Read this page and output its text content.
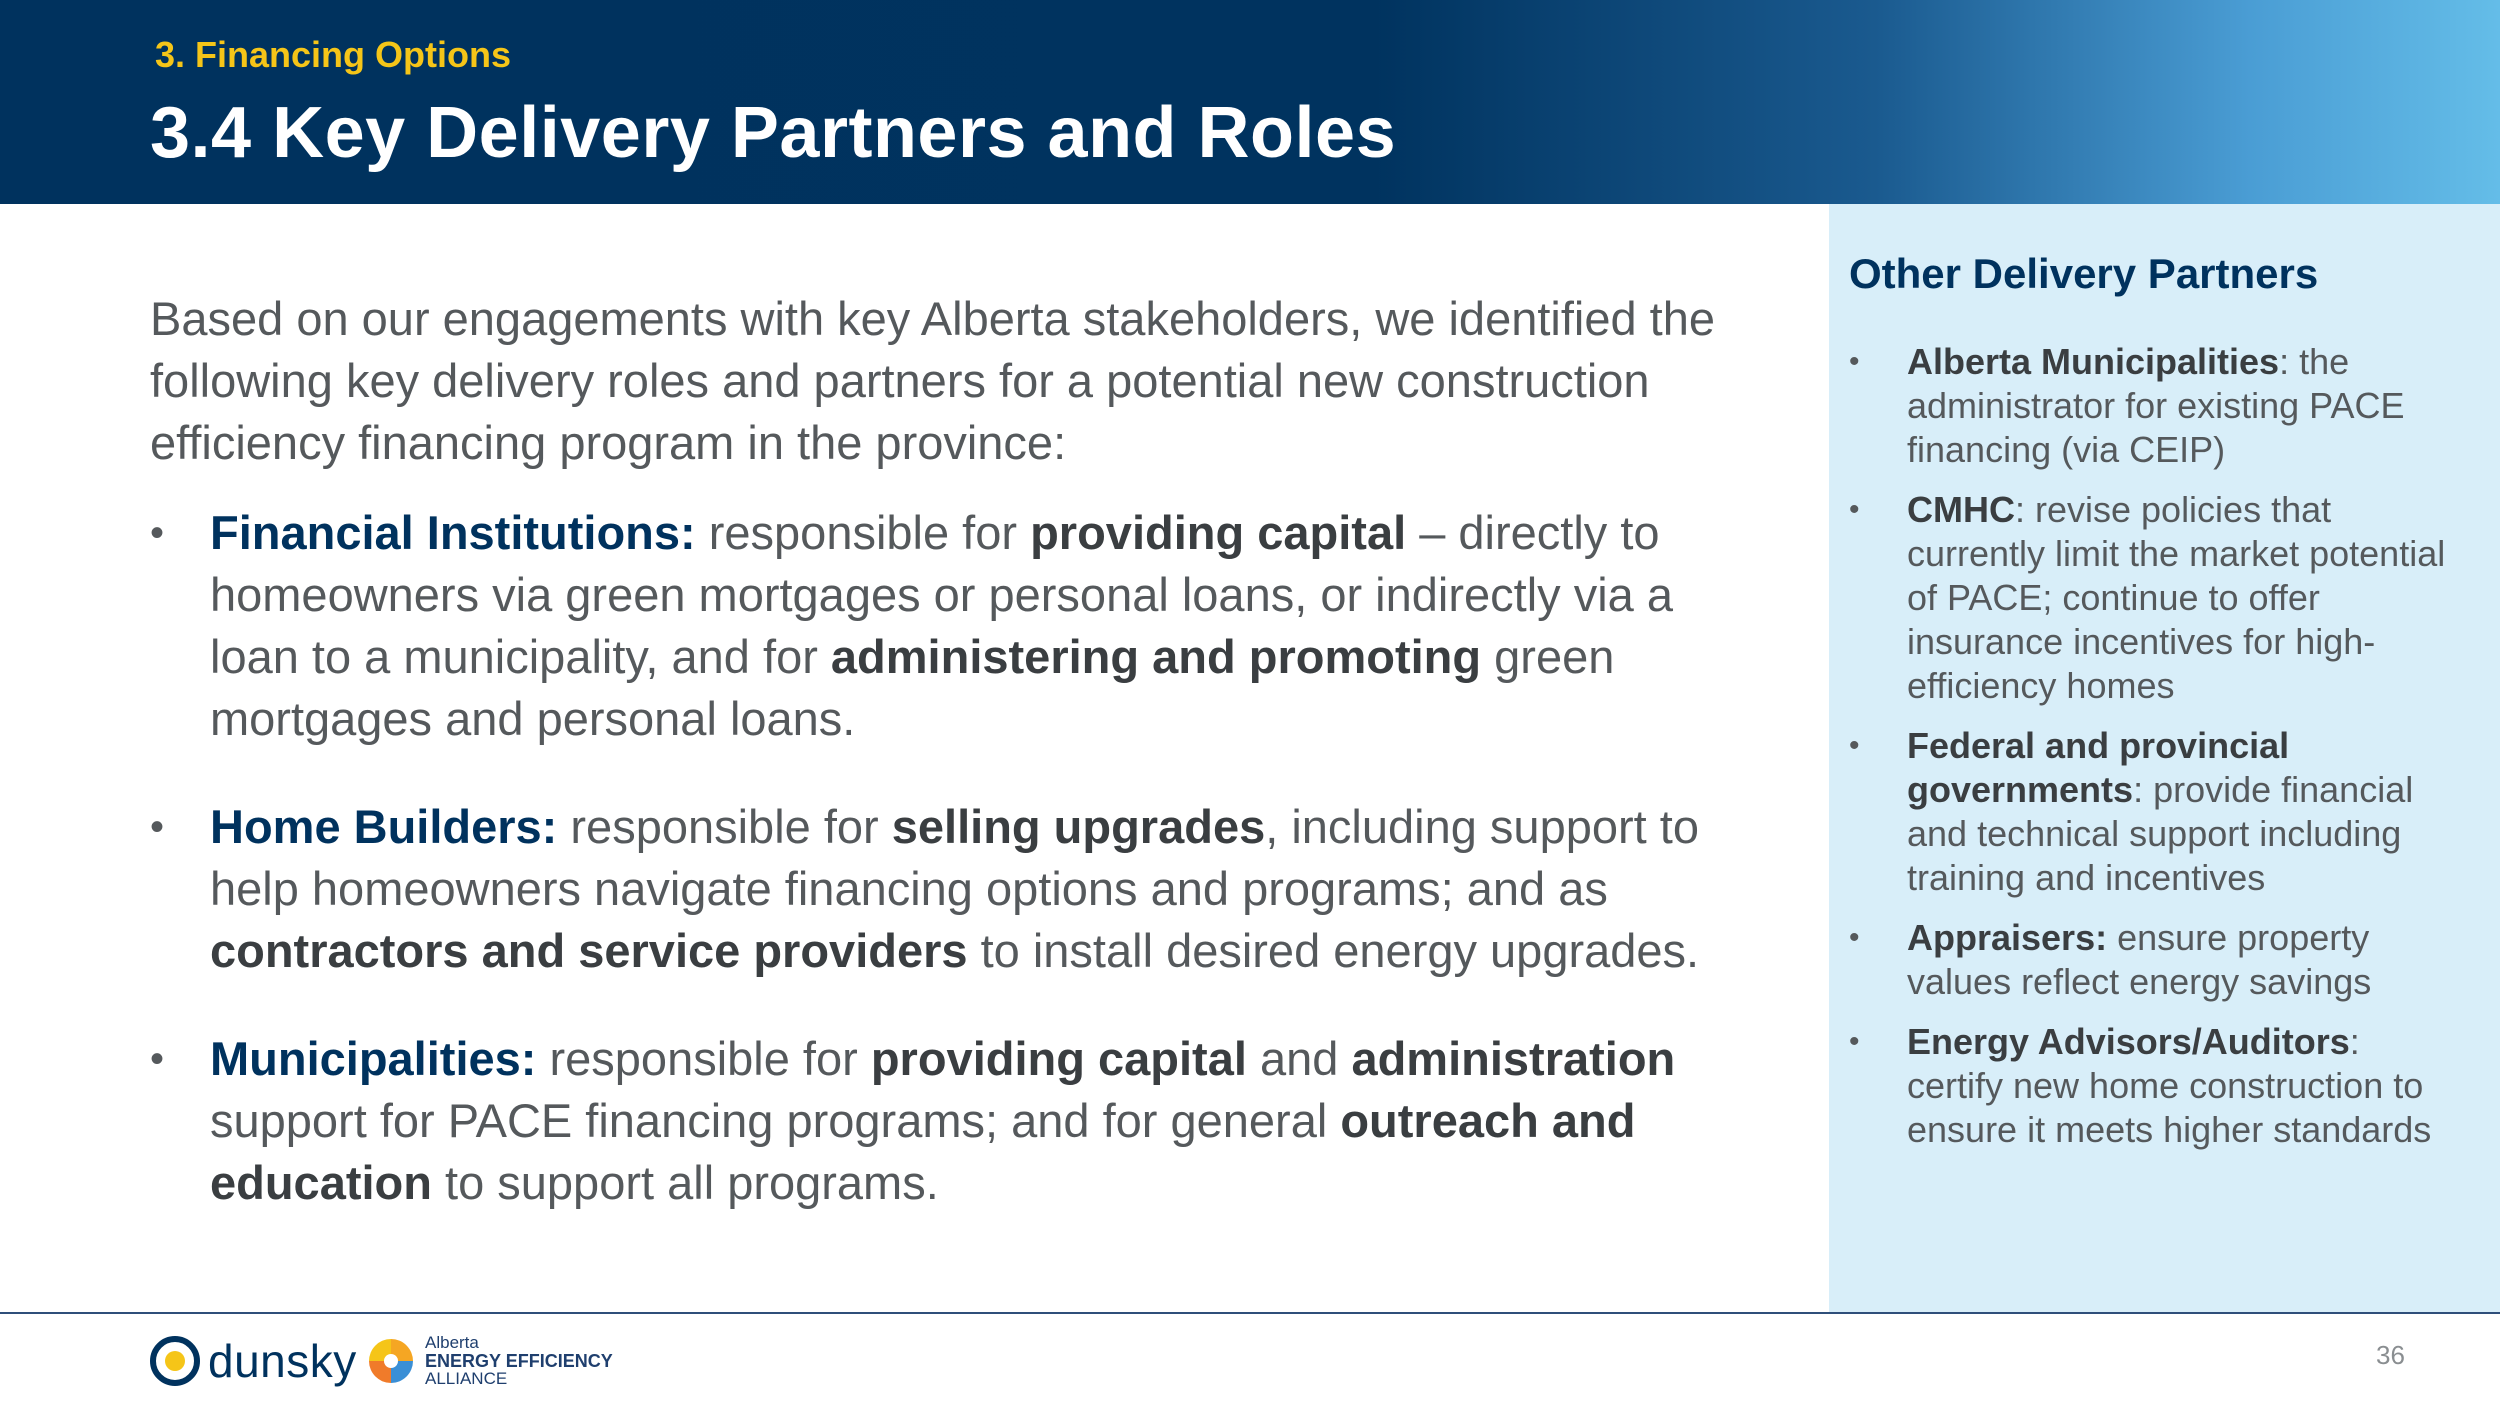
3. Financing Options
3.4 Key Delivery Partners and Roles
Based on our engagements with key Alberta stakeholders, we identified the following key delivery roles and partners for a potential new construction efficiency financing program in the province:
• Financial Institutions: responsible for providing capital – directly to homeowners via green mortgages or personal loans, or indirectly via a loan to a municipality, and for administering and promoting green mortgages and personal loans.
• Home Builders: responsible for selling upgrades, including support to help homeowners navigate financing options and programs; and as contractors and service providers to install desired energy upgrades.
• Municipalities: responsible for providing capital and administration support for PACE financing programs; and for general outreach and education to support all programs.
Other Delivery Partners
•	Alberta Municipalities: the administrator for existing PACE financing (via CEIP)
•	CMHC: revise policies that currently limit the market potential of PACE; continue to offer insurance incentives for high-efficiency homes
•	Federal and provincial governments: provide financial and technical support including training and incentives
•	Appraisers: ensure property values reflect energy savings
•	Energy Advisors/Auditors: certify new home construction to ensure it meets higher standards
dunsky	Alberta
ENERGY EFFICIENCY
ALLIANCE
36
